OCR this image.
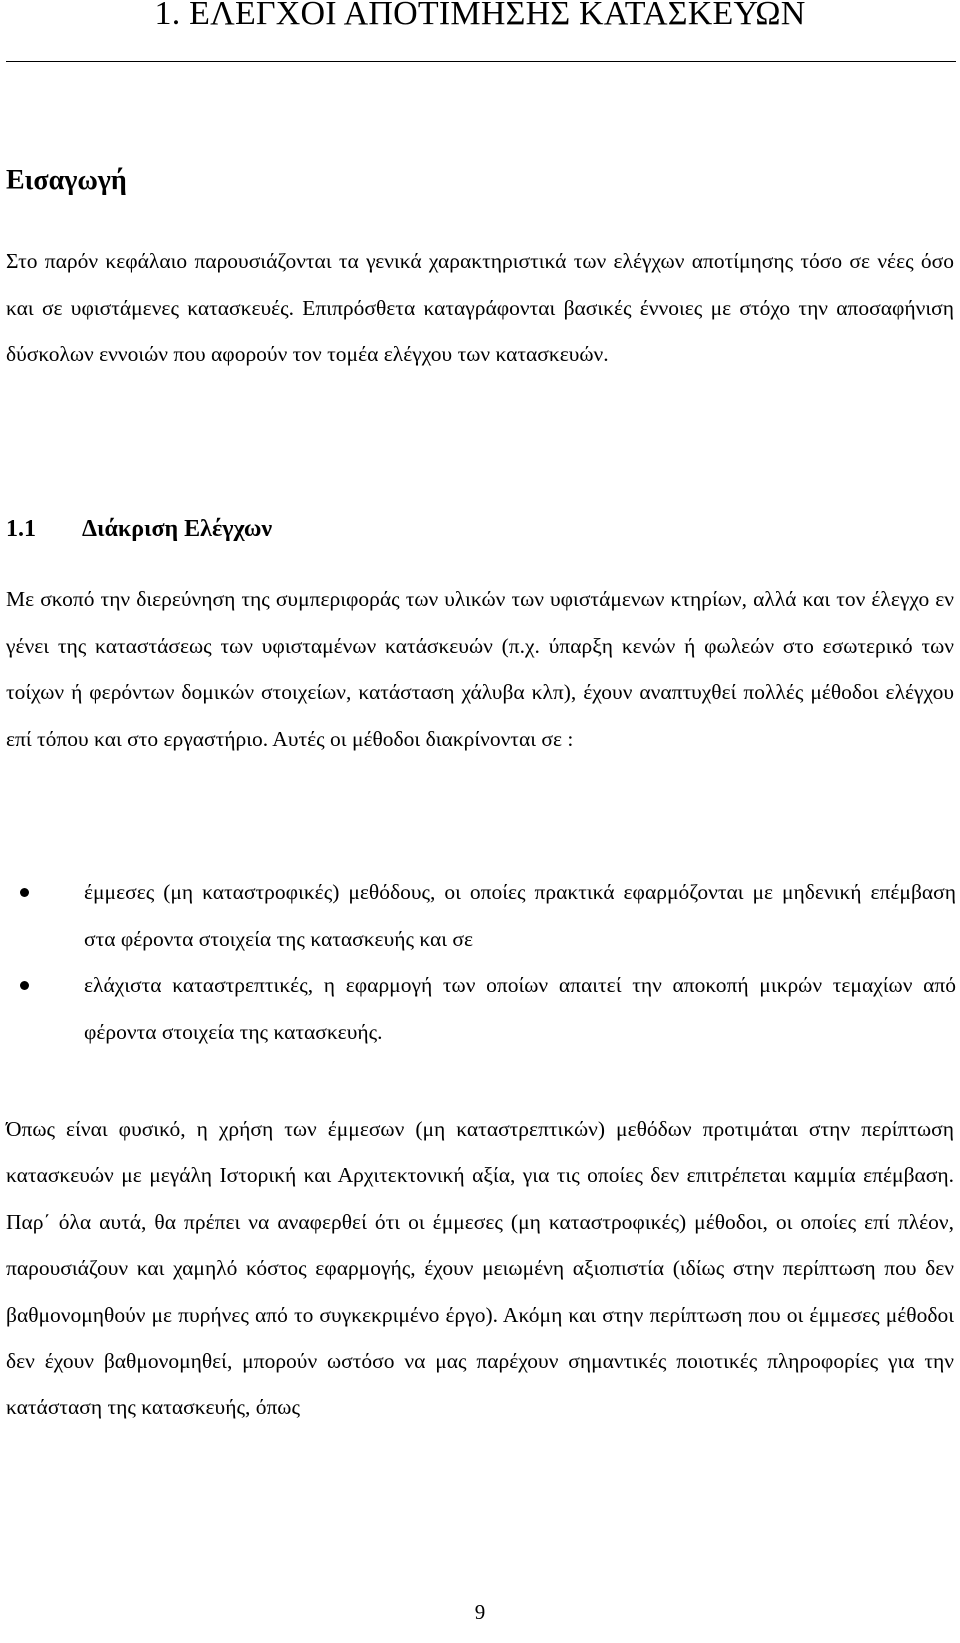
1. ΕΛΕΓΧΟΙ ΑΠΟΤΙΜΗΣΗΣ ΚΑΤΑΣΚΕΥΩΝ
Εισαγωγή

Στο παρόν κεφάλαιο παρουσιάζονται τα γενικά χαρακτηριστικά των ελέγχων αποτίμησης τόσο σε νέες όσο και σε υφιστάμενες κατασκευές. Επιπρόσθετα καταγράφονται βασικές έννοιες με στόχο την αποσαφήνιση δύσκολων εννοιών που αφορούν τον τομέα ελέγχου των κατασκευών.

1.1 Διάκριση Ελέγχων

Με σκοπό την διερεύνηση της συμπεριφοράς των υλικών των υφιστάμενων κτηρίων, αλλά και τον έλεγχο εν γένει της καταστάσεως των υφισταμένων κατάσκευών (π.χ. ύπαρξη κενών ή φωλεών στο εσωτερικό των τοίχων ή φερόντων δομικών στοιχείων, κατάσταση χάλυβα κλπ), έχουν αναπτυχθεί πολλές μέθοδοι ελέγχου επί τόπου και στο εργαστήριο. Αυτές οι μέθοδοι διακρίνονται σε :

έμμεσες (μη καταστροφικές) μεθόδους, οι οποίες πρακτικά εφαρμόζονται με μηδενική επέμβαση στα φέροντα στοιχεία της κατασκευής και σε
ελάχιστα καταστρεπτικές, η εφαρμογή των οποίων απαιτεί την αποκοπή μικρών τεμαχίων από φέροντα στοιχεία της κατασκευής.

Όπως είναι φυσικό, η χρήση των έμμεσων (μη καταστρεπτικών) μεθόδων προτιμάται στην περίπτωση κατασκευών με μεγάλη Ιστορική και Αρχιτεκτονική αξία, για τις οποίες δεν επιτρέπεται καμμία επέμβαση. Παρ΄ όλα αυτά, θα πρέπει να αναφερθεί ότι οι έμμεσες (μη καταστροφικές) μέθοδοι, οι οποίες επί πλέον, παρουσιάζουν και χαμηλό κόστος εφαρμογής, έχουν μειωμένη αξιοπιστία (ιδίως στην περίπτωση που δεν βαθμονομηθούν με πυρήνες από το συγκεκριμένο έργο). Ακόμη και στην περίπτωση που οι έμμεσες μέθοδοι δεν έχουν βαθμονομηθεί, μπορούν ωστόσο να μας παρέχουν σημαντικές ποιοτικές πληροφορίες για την κατάσταση της κατασκευής, όπως

9
